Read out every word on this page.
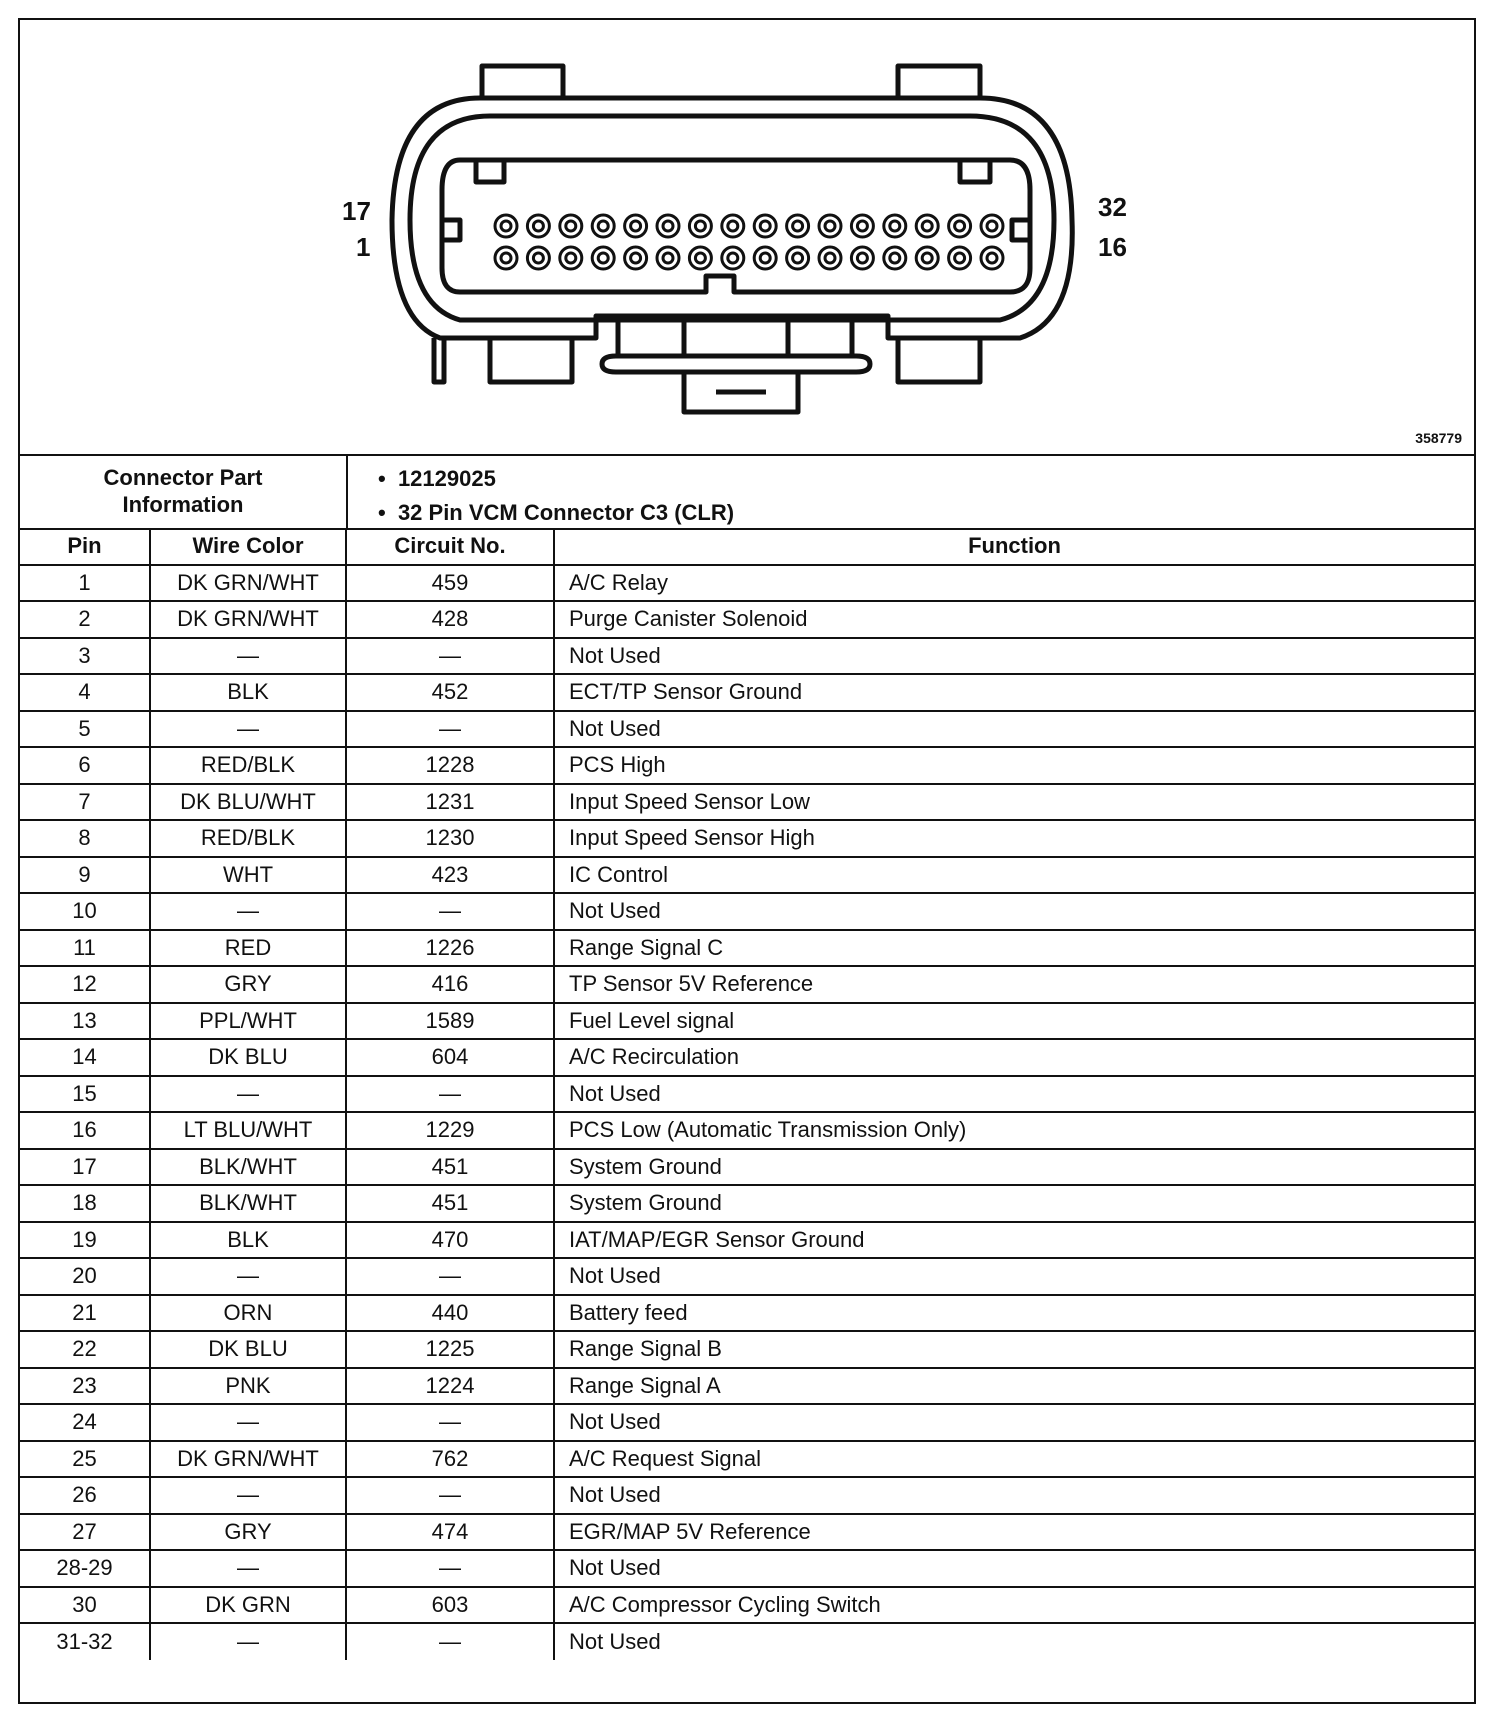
17
1
32
16
358779
Connector Part Information
•  12129025
•  32 Pin VCM Connector C3 (CLR)
Pin	Wire Color	Circuit No.	Function
1	DK GRN/WHT	459	A/C Relay
2	DK GRN/WHT	428	Purge Canister Solenoid
3	—	—	Not Used
4	BLK	452	ECT/TP Sensor Ground
5	—	—	Not Used
6	RED/BLK	1228	PCS High
7	DK BLU/WHT	1231	Input Speed Sensor Low
8	RED/BLK	1230	Input Speed Sensor High
9	WHT	423	IC Control
10	—	—	Not Used
11	RED	1226	Range Signal C
12	GRY	416	TP Sensor 5V Reference
13	PPL/WHT	1589	Fuel Level signal
14	DK BLU	604	A/C Recirculation
15	—	—	Not Used
16	LT BLU/WHT	1229	PCS Low (Automatic Transmission Only)
17	BLK/WHT	451	System Ground
18	BLK/WHT	451	System Ground
19	BLK	470	IAT/MAP/EGR Sensor Ground
20	—	—	Not Used
21	ORN	440	Battery feed
22	DK BLU	1225	Range Signal B
23	PNK	1224	Range Signal A
24	—	—	Not Used
25	DK GRN/WHT	762	A/C Request Signal
26	—	—	Not Used
27	GRY	474	EGR/MAP 5V Reference
28-29	—	—	Not Used
30	DK GRN	603	A/C Compressor Cycling Switch
31-32	—	—	Not Used
